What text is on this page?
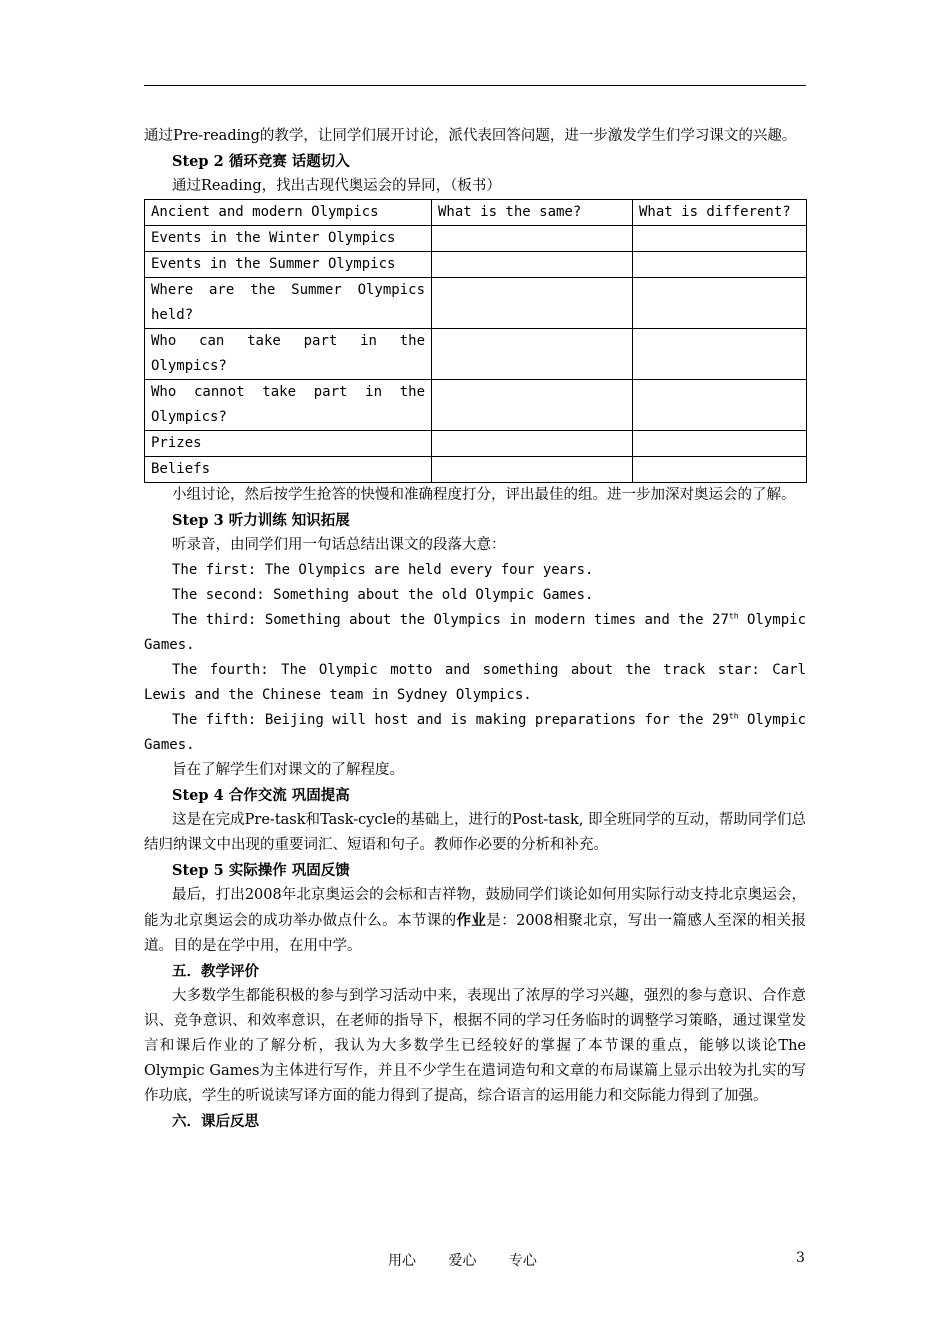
通过Pre-reading的教学，让同学们展开讨论，派代表回答问题，进一步激发学生们学习课文的兴趣。

Step 2 循环竞赛 话题切入

通过Reading，找出古现代奥运会的异同，（板书）

Ancient and modern Olympics	What is the same?	What is different?
Events in the Winter Olympics		
Events in the Summer Olympics		
Where are the Summer Olympics held?		
Who can take part in the Olympics?		
Who cannot take part in the Olympics?		
Prizes		
Beliefs		

小组讨论，然后按学生抢答的快慢和准确程度打分，评出最佳的组。进一步加深对奥运会的了解。

Step 3 听力训练 知识拓展

听录音，由同学们用一句话总结出课文的段落大意：

The first: The Olympics are held every four years.

The second: Something about the old Olympic Games.

The third: Something about the Olympics in modern times and the 27th Olympic Games.

The fourth: The Olympic motto and something about the track star: Carl Lewis and the Chinese team in Sydney Olympics.

The fifth: Beijing will host and is making preparations for the 29th Olympic Games.

旨在了解学生们对课文的了解程度。

Step 4 合作交流 巩固提高

这是在完成Pre-task和Task-cycle的基础上，进行的Post-task, 即全班同学的互动，帮助同学们总结归纳课文中出现的重要词汇、短语和句子。教师作必要的分析和补充。

Step 5 实际操作 巩固反馈

最后，打出2008年北京奥运会的会标和吉祥物，鼓励同学们谈论如何用实际行动支持北京奥运会，能为北京奥运会的成功举办做点什么。本节课的作业是：2008相聚北京，写出一篇感人至深的相关报道。目的是在学中用，在用中学。

五．教学评价

大多数学生都能积极的参与到学习活动中来，表现出了浓厚的学习兴趣，强烈的参与意识、合作意识、竞争意识、和效率意识，在老师的指导下，根据不同的学习任务临时的调整学习策略，通过课堂发言和课后作业的了解分析，我认为大多数学生已经较好的掌握了本节课的重点，能够以谈论The Olympic Games为主体进行写作，并且不少学生在遣词造句和文章的布局谋篇上显示出较为扎实的写作功底，学生的听说读写译方面的能力得到了提高，综合语言的运用能力和交际能力得到了加强。

六．课后反思

用心 爱心 专心	3
